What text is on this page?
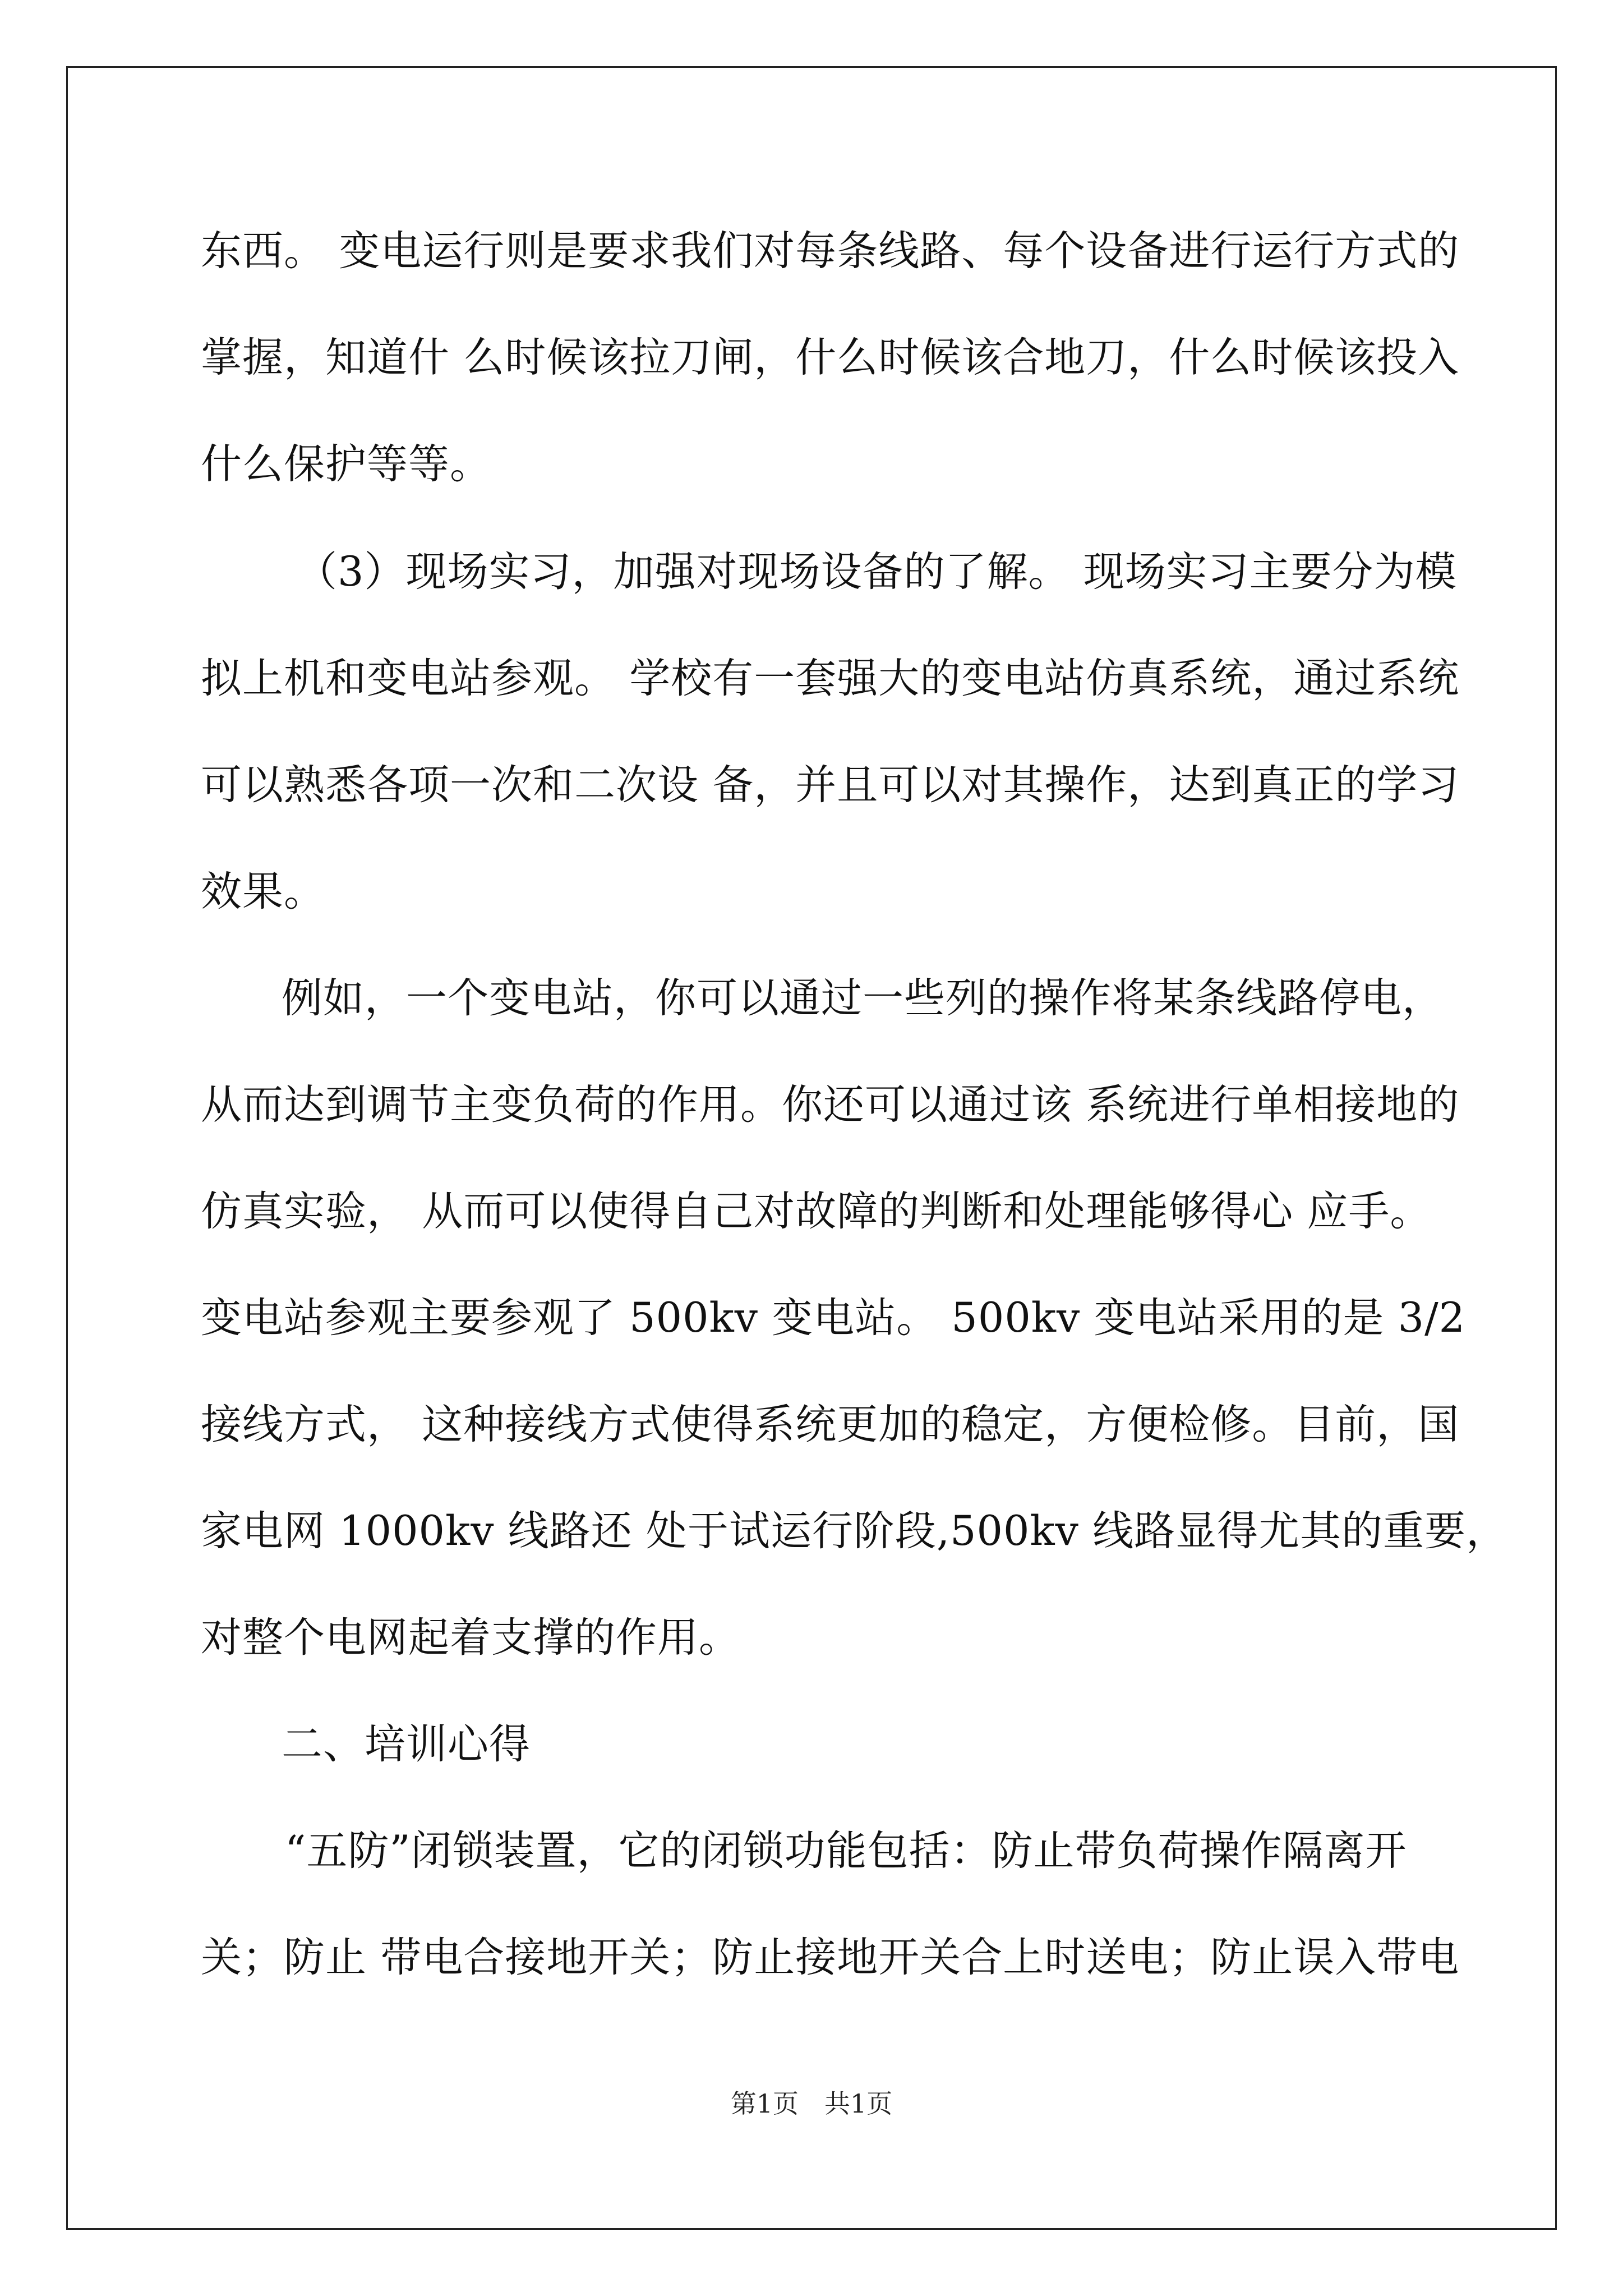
东西。 变电运行则是要求我们对每条线路、每个设备进行运行方式的
掌握，知道什 么时候该拉刀闸，什么时候该合地刀，什么时候该投入
什么保护等等。
（3）现场实习，加强对现场设备的了解。 现场实习主要分为模
拟上机和变电站参观。 学校有一套强大的变电站仿真系统，通过系统
可以熟悉各项一次和二次设 备，并且可以对其操作，达到真正的学习
效果。
例如，一个变电站，你可以通过一些列的操作将某条线路停电，
从而达到调节主变负荷的作用。你还可以通过该 系统进行单相接地的
仿真实验， 从而可以使得自己对故障的判断和处理能够得心 应手。
变电站参观主要参观了 500kv 变电站。 500kv 变电站采用的是 3/2
接线方式， 这种接线方式使得系统更加的稳定，方便检修。目前，国
家电网 1000kv 线路还 处于试运行阶段,500kv 线路显得尤其的重要，
对整个电网起着支撑的作用。
二、培训心得
“五防”闭锁装置，它的闭锁功能包括：防止带负荷操作隔离开
关；防止 带电合接地开关；防止接地开关合上时送电；防止误入带电
第1页　共1页
